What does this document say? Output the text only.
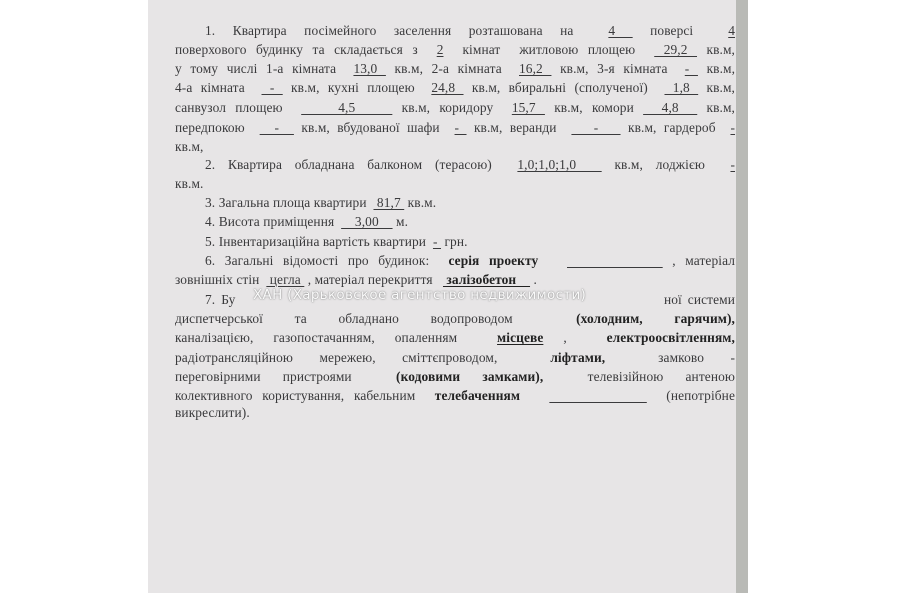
1. Квартира посімейного заселення розташована на  4  поверсі  4
поверхового будинку та складається з  2  кімнат  житловою площею   29,2  кв.м,
у тому числі 1-а кімната  13,0  кв.м, 2-а кімната  16,2  кв.м, 3-я кімната  -  кв.м,
4-а кімната   -  кв.м, кухні площею  24,8  кв.м, вбиральні (сполученої)   1,8  кв.м,
санвузол площею      4,5     кв.м, коридору  15,7  кв.м, комори   4,8   кв.м,
передпокою    -   кв.м, вбудованої шафи  -  кв.м, веранди     -    кв.м, гардероб  -
кв.м,
2. Квартира обладнана балконом (терасою)  1,0;1,0;1,0   кв.м, лоджією  -
кв.м.
3. Загальна площа квартири   81,7  кв.м.
4. Висота приміщення      3,00     м.
5. Інвентаризаційна вартість квартири  -  грн.
6. Загальні відомості про будинок:  серія проекту	, матеріал
зовнішніх стін   цегла  , матеріал перекриття    залізобетон     .
7. Бу	ної системи
диспетчерської та обладнано водопроводом  (холодним, гарячим),
каналізацією, газопостачанням, опаленням  місцеве ,  електроосвітленням,
радіотрансляційною мережею, сміттєпроводом,  ліфтами,  замково -
переговірними пристроями  (кодовими замками),  телевізійною антеною
колективного користування, кабельним  телебаченням	(непотрібне
викреслити).
ХАН (Харьковское агентство недвижимости)
